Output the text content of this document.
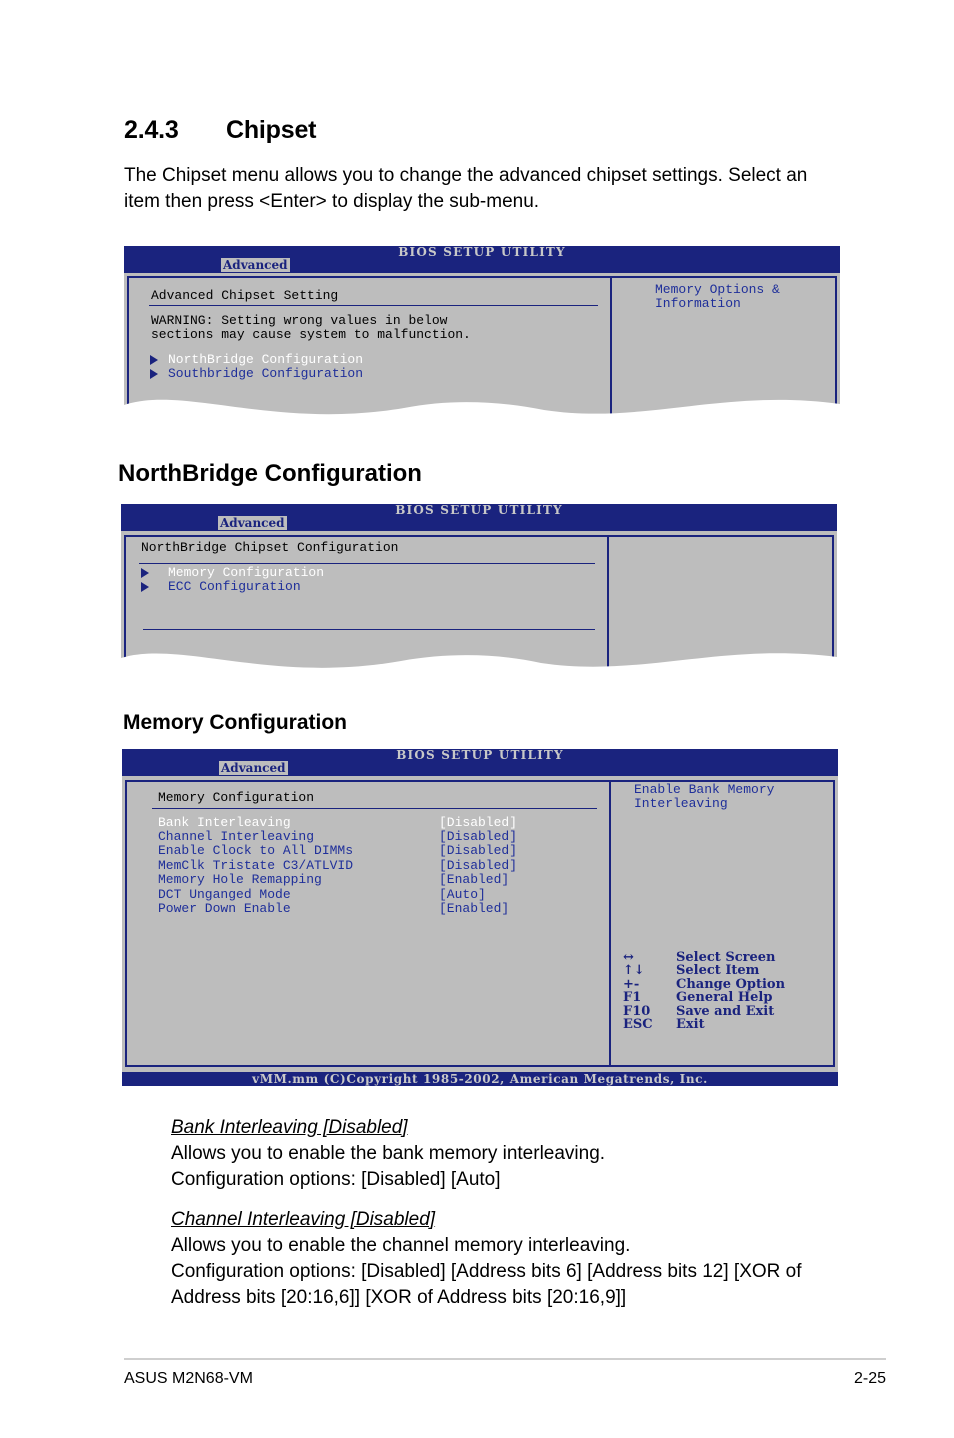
2.4.3 Chipset

The Chipset menu allows you to change the advanced chipset settings. Select an item then press <Enter> to display the sub-menu.

BIOS SETUP UTILITY
Advanced
Advanced Chipset Setting
WARNING: Setting wrong values in below
sections may cause system to malfunction.
NorthBridge Configuration
Southbridge Configuration
Memory Options &
Information
NorthBridge Configuration
BIOS SETUP UTILITY
Advanced
NorthBridge Chipset Configuration
Memory Configuration
ECC Configuration
Memory Configuration
BIOS SETUP UTILITY
Advanced
Memory Configuration
Bank Interleaving	[Disabled]
Channel Interleaving	[Disabled]
Enable Clock to All DIMMs	[Disabled]
MemClk Tristate C3/ATLVID	[Disabled]
Memory Hole Remapping	[Enabled]
DCT Unganged Mode	[Auto]
Power Down Enable	[Enabled]
Enable Bank Memory
Interleaving
↔	Select Screen
↑↓ Select Item
+-	Change Option
F1	General Help
F10 Save and Exit
ESC Exit
vMM.mm (C)Copyright 1985-2002, American Megatrends, Inc.
Bank Interleaving [Disabled]
Allows you to enable the bank memory interleaving.
Configuration options: [Disabled] [Auto]
Channel Interleaving [Disabled]
Allows you to enable the channel memory interleaving.
Configuration options: [Disabled] [Address bits 6] [Address bits 12] [XOR of Address bits [20:16,6]] [XOR of Address bits [20:16,9]]
ASUS M2N68-VM	2-25
